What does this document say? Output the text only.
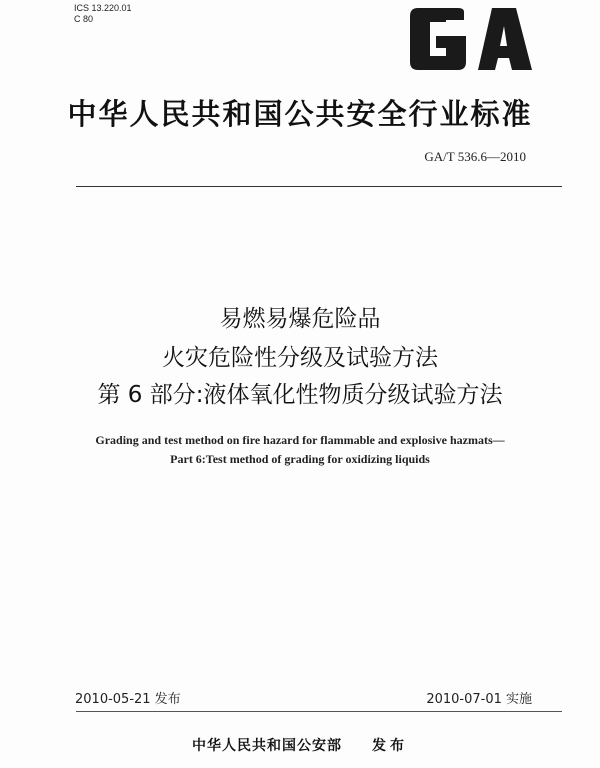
ICS 13.220.01
C 80
中华人民共和国公共安全行业标准
GA/T 536.6—2010
易燃易爆危险品
火灾危险性分级及试验方法
第 6 部分:液体氧化性物质分级试验方法
Grading and test method on fire hazard for flammable and explosive hazmats—
Part 6:Test method of grading for oxidizing liquids
2010-05-21 发布	2010-07-01 实施
中华人民共和国公安部 发布
